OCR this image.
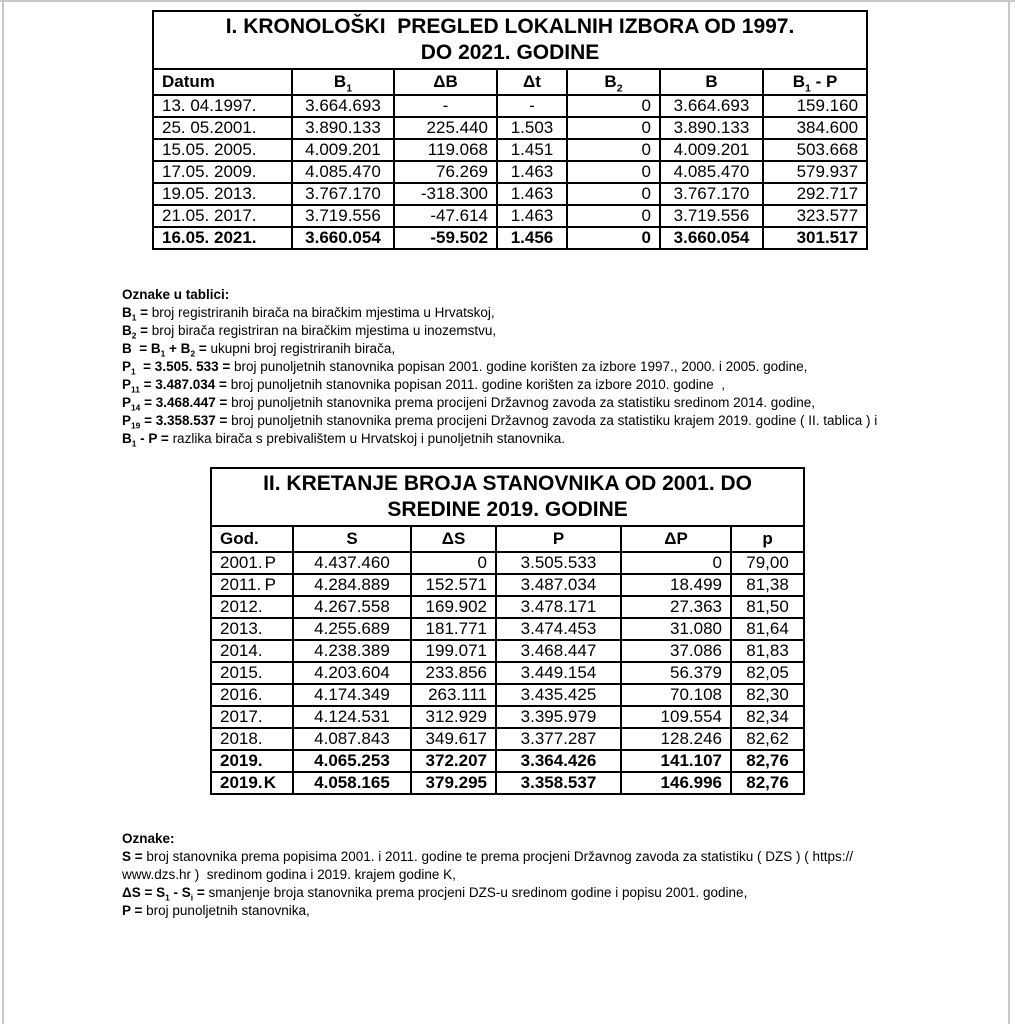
I. KRONOLOŠKI  PREGLED LOKALNIH IZBORA OD 1997.
DO 2021. GODINE						
Datum	$B_1$	ΔB	Δt	$B_2$	B	$B_1$ - P
13. 04.1997.	3.664.693	-	-	0	3.664.693	159.160
25. 05.2001.	3.890.133	225.440	1.503	0	3.890.133	384.600
15.05. 2005.	4.009.201	119.068	1.451	0	4.009.201	503.668
17.05. 2009.	4.085.470	76.269	1.463	0	4.085.470	579.937
19.05. 2013.	3.767.170	-318.300	1.463	0	3.767.170	292.717
21.05. 2017.	3.719.556	-47.614	1.463	0	3.719.556	323.577
16.05. 2021.	3.660.054	-59.502	1.456	0	3.660.054	301.517
Oznake u tablici:
$B_1$ = broj registriranih birača na biračkim mjestima u Hrvatskoj,
$B_2$ = broj birača registriran na biračkim mjestima u inozemstvu,
$B = B_1 + B_2$ = ukupni broj registriranih birača,
$P_1 = 3.505$. 533 = broj punoljetnih stanovnika popisan 2001. godine korišten za izbore 1997., 2000. i 2005. godine,
$P_{11} = 3.487.034$ = broj punoljetnih stanovnika popisan 2011. godine korišten za izbore 2010. godine  ,
$P_{14} = 3.468.447$ = broj punoljetnih stanovnika prema procijeni Državnog zavoda za statistiku sredinom 2014. godine,
$P_{19} = 3.358.537$ = broj punoljetnih stanovnika prema procijeni Državnog zavoda za statistiku krajem 2019. godine ( II. tablica ) i
$B_1$ - P = razlika birača s prebivalištem u Hrvatskoj i punoljetnih stanovnika.
II. KRETANJE BROJA STANOVNIKA OD 2001. DO
SREDINE 2019. GODINE					
God.	S	ΔS	P	ΔP	p
2001. P	4.437.460	0	3.505.533	0	79,00
2011. P	4.284.889	152.571	3.487.034	18.499	81,38
2012.	4.267.558	169.902	3.478.171	27.363	81,50
2013.	4.255.689	181.771	3.474.453	31.080	81,64
2014.	4.238.389	199.071	3.468.447	37.086	81,83
2015.	4.203.604	233.856	3.449.154	56.379	82,05
2016.	4.174.349	263.111	3.435.425	70.108	82,30
2017.	4.124.531	312.929	3.395.979	109.554	82,34
2018.	4.087.843	349.617	3.377.287	128.246	82,62
2019.	4.065.253	372.207	3.364.426	141.107	82,76
2019. K	4.058.165	379.295	3.358.537	146.996	82,76
Oznake:
S = broj stanovnika prema popisima 2001. i 2011. godine te prema procjeni Državnog zavoda za statistiku ( DZS ) ( https://​www.dzs.hr )  sredinom godina i 2019. krajem godine K,
$\Delta S = S_1 - S_i$ = smanjenje broja stanovnika prema procjeni DZS-u sredinom godine i popisu 2001. godine,
P = broj punoljetnih stanovnika,
